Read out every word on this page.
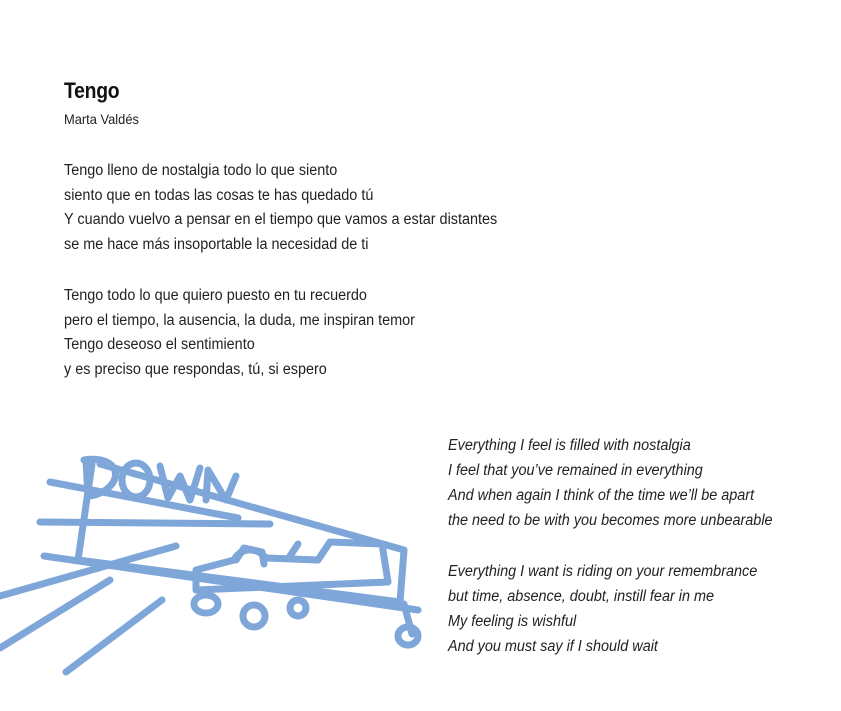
Tengo
Marta Valdés
Tengo lleno de nostalgia todo lo que siento
siento que en todas las cosas te has quedado tú
Y cuando vuelvo a pensar en el tiempo que vamos a estar distantes
se me hace más insoportable la necesidad de ti
Tengo todo lo que quiero puesto en tu recuerdo
pero el tiempo, la ausencia, la duda, me inspiran temor
Tengo deseoso el sentimiento
y es preciso que respondas, tú, si espero
Everything I feel is filled with nostalgia
I feel that you’ve remained in everything
And when again I think of the time we’ll be apart
the need to be with you becomes more unbearable
Everything I want is riding on your remembrance
but time, absence, doubt, instill fear in me
My feeling is wishful
And you must say if I should wait
